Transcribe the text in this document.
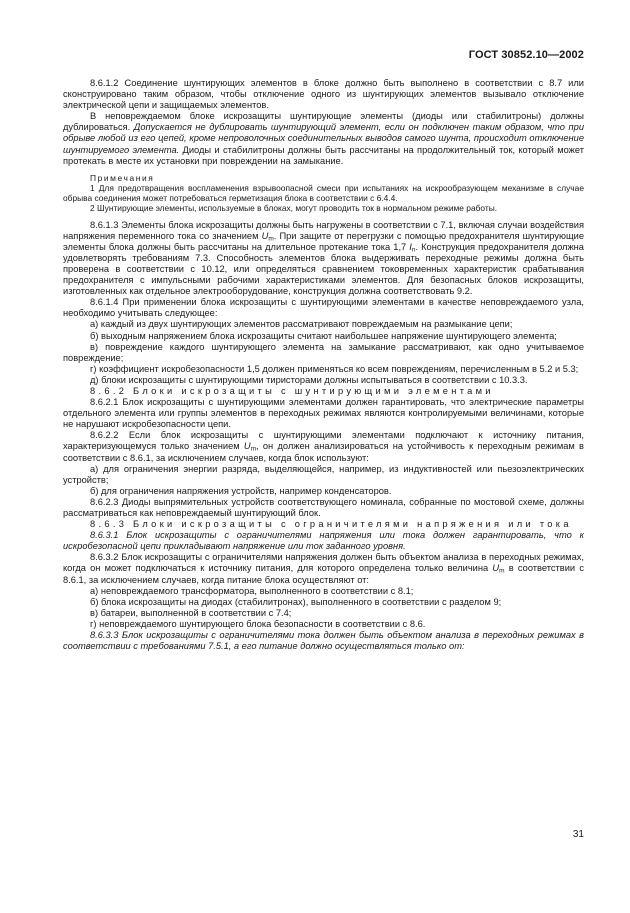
ГОСТ 30852.10—2002

8.6.1.2 Соединение шунтирующих элементов в блоке должно быть выполнено в соответствии с 8.7 или сконструировано таким образом, чтобы отключение одного из шунтирующих элементов вызывало отключение электрической цепи и защищаемых элементов.

В неповреждаемом блоке искрозащиты шунтирующие элементы (диоды или стабилитроны) должны дублироваться. Допускается не дублировать шунтирующий элемент, если он подключен таким образом, что при обрыве любой из его цепей, кроме непроволочных соединительных выводов самого шунта, происходит отключение шунтируемого элемента. Диоды и стабилитроны должны быть рассчитаны на продолжительный ток, который может протекать в месте их установки при повреждении на замыкание.

Примечания

1 Для предотвращения воспламенения взрывоопасной смеси при испытаниях на искрообразующем механизме в случае обрыва соединения может потребоваться герметизация блока в соответствии с 6.4.4.

2 Шунтирующие элементы, используемые в блоках, могут проводить ток в нормальном режиме работы.

8.6.1.3 Элементы блока искрозащиты должны быть нагружены в соответствии с 7.1, включая случаи воздействия напряжения переменного тока со значением $U_m$. При защите от перегрузки с помощью предохранителя шунтирующие элементы блока должны быть рассчитаны на длительное протекание тока 1,7 $I_n$. Конструкция предохранителя должна удовлетворять требованиям 7.3. Способность элементов блока выдерживать переходные режимы должна быть проверена в соответствии с 10.12, или определяться сравнением токовременных характеристик срабатывания предохранителя с импульсными рабочими характеристиками элементов. Для безопасных блоков искрозащиты, изготовленных как отдельное электрооборудование, конструкция должна соответствовать 9.2.

8.6.1.4 При применении блока искрозащиты с шунтирующими элементами в качестве неповреждаемого узла, необходимо учитывать следующее:

а) каждый из двух шунтирующих элементов рассматривают повреждаемым на размыкание цепи;

б) выходным напряжением блока искрозащиты считают наибольшее напряжение шунтирующего элемента;

в) повреждение каждого шунтирующего элемента на замыкание рассматривают, как одно учитываемое повреждение;

г) коэффициент искробезопасности 1,5 должен применяться ко всем повреждениям, перечисленным в 5.2 и 5.3;

д) блоки искрозащиты с шунтирующими тиристорами должны испытываться в соответствии с 10.3.3.

8.6.2 Блоки искрозащиты с шунтирующими элементами

8.6.2.1 Блок искрозащиты с шунтирующими элементами должен гарантировать, что электрические параметры отдельного элемента или группы элементов в переходных режимах являются контролируемыми величинами, которые не нарушают искробезопасности цепи.

8.6.2.2 Если блок искрозащиты с шунтирующими элементами подключают к источнику питания, характеризующемуся только значением $U_m$, он должен анализироваться на устойчивость к переходным режимам в соответствии с 8.6.1, за исключением случаев, когда блок используют:

а) для ограничения энергии разряда, выделяющейся, например, из индуктивностей или пьезоэлектрических устройств;

б) для ограничения напряжения устройств, например конденсаторов.

8.6.2.3 Диоды выпрямительных устройств соответствующего номинала, собранные по мостовой схеме, должны рассматриваться как неповреждаемый шунтирующий блок.

8.6.3 Блоки искрозащиты с ограничителями напряжения или тока

8.6.3.1 Блок искрозащиты с ограничителями напряжения или тока должен гарантировать, что к искробезопасной цепи прикладывают напряжение или ток заданного уровня.

8.6.3.2 Блок искрозащиты с ограничителями напряжения должен быть объектом анализа в переходных режимах, когда он может подключаться к источнику питания, для которого определена только величина $U_m$ в соответствии с 8.6.1, за исключением случаев, когда питание блока осуществляют от:

а) неповреждаемого трансформатора, выполненного в соответствии с 8.1;

б) блока искрозащиты на диодах (стабилитронах), выполненного в соответствии с разделом 9;

в) батареи, выполненной в соответствии с 7.4;

г) неповреждаемого шунтирующего блока безопасности в соответствии с 8.6.

8.6.3.3 Блок искрозащиты с ограничителями тока должен быть объектом анализа в переходных режимах в соответствии с требованиями 7.5.1, а его питание должно осуществляться только от:

31
